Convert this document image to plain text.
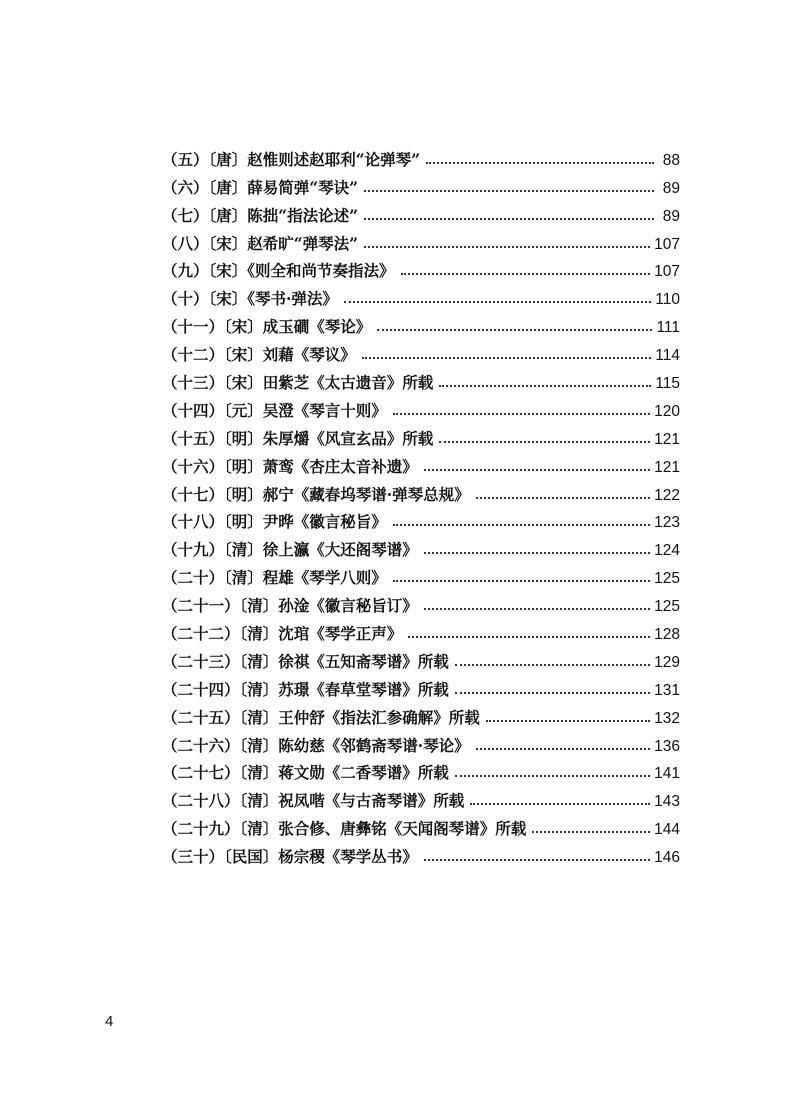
（五）〔唐〕赵惟则述赵耶利“论弹琴”	88
（六）〔唐〕薛易简弹“琴诀”	89
（七）〔唐〕陈拙“指法论述”	89
（八）〔宋〕赵希旷“弹琴法”	107
（九）〔宋〕《则全和尚节奏指法》	107
（十）〔宋〕《琴书·弹法》	110
（十一）〔宋〕成玉磵《琴论》	111
（十二）〔宋〕刘藉《琴议》	114
（十三）〔宋〕田紫芝《太古遗音》所载	115
（十四）〔元〕吴澄《琴言十则》	120
（十五）〔明〕朱厚爝《风宣玄品》所载	121
（十六）〔明〕萧鸾《杏庄太音补遗》	121
（十七）〔明〕郝宁《藏春坞琴谱·弹琴总规》	122
（十八）〔明〕尹晔《徽言秘旨》	123
（十九）〔清〕徐上瀛《大还阁琴谱》	124
（二十）〔清〕程雄《琴学八则》	125
（二十一）〔清〕孙淦《徽言秘旨订》	125
（二十二）〔清〕沈琯《琴学正声》	128
（二十三）〔清〕徐祺《五知斋琴谱》所载	129
（二十四）〔清〕苏璟《春草堂琴谱》所载	131
（二十五）〔清〕王仲舒《指法汇参确解》所载	132
（二十六）〔清〕陈幼慈《邻鹤斋琴谱·琴论》	136
（二十七）〔清〕蒋文勋《二香琴谱》所载	141
（二十八）〔清〕祝凤喈《与古斋琴谱》所载	143
（二十九）〔清〕张合修、唐彝铭《天闻阁琴谱》所载	144
（三十）〔民国〕杨宗稷《琴学丛书》	146
4
